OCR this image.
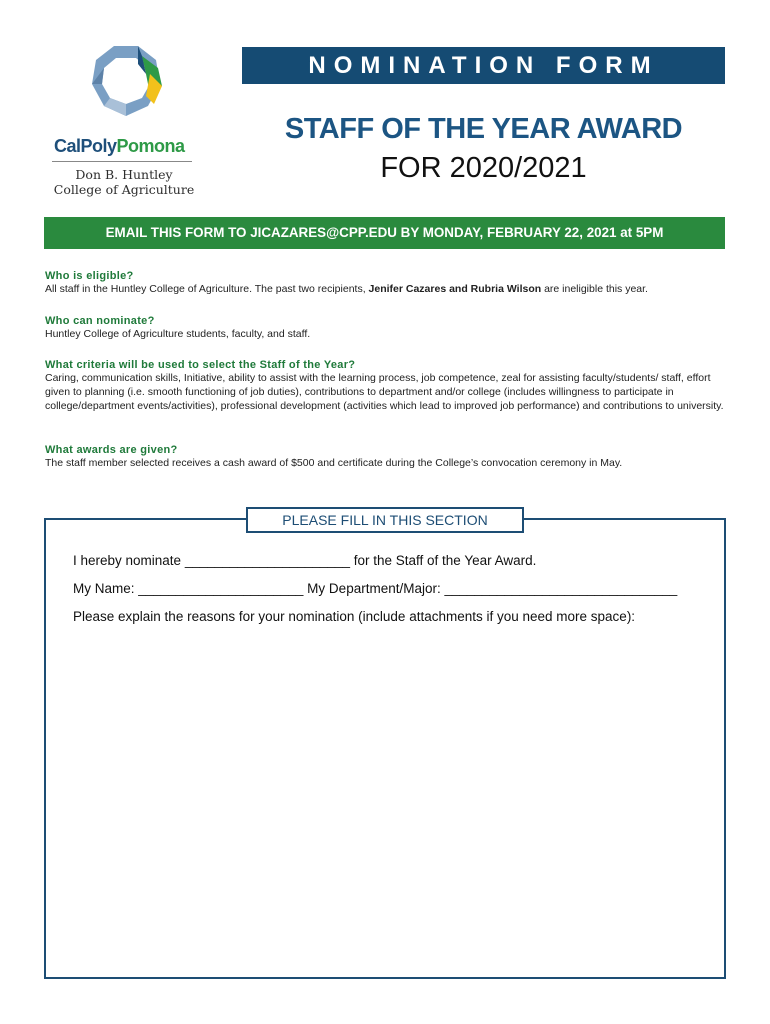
CalPolyPomona
Don B. Huntley
College of Agriculture
NOMINATION FORM
STAFF OF THE YEAR AWARD
FOR 2020/2021
EMAIL THIS FORM TO JICAZARES@CPP.EDU BY MONDAY, FEBRUARY 22, 2021 at 5PM
Who is eligible?
All staff in the Huntley College of Agriculture. The past two recipients, Jenifer Cazares and Rubria Wilson are ineligible this year.
Who can nominate?
Huntley College of Agriculture students, faculty, and staff.
What criteria will be used to select the Staff of the Year?
Caring, communication skills, Initiative, ability to assist with the learning process, job competence, zeal for assisting faculty/students/ staff, effort given to planning (i.e. smooth functioning of job duties), contributions to department and/or college (includes willingness to participate in college/department events/activities), professional development (activities which lead to improved job performance) and contributions to university.
What awards are given?
The staff member selected receives a cash award of $500 and certificate during the College’s convocation ceremony in May.
PLEASE FILL IN THIS SECTION
I hereby nominate ______________________ for the Staff of the Year Award.
My Name: ______________________ My Department/Major: _______________________________
Please explain the reasons for your nomination (include attachments if you need more space):
